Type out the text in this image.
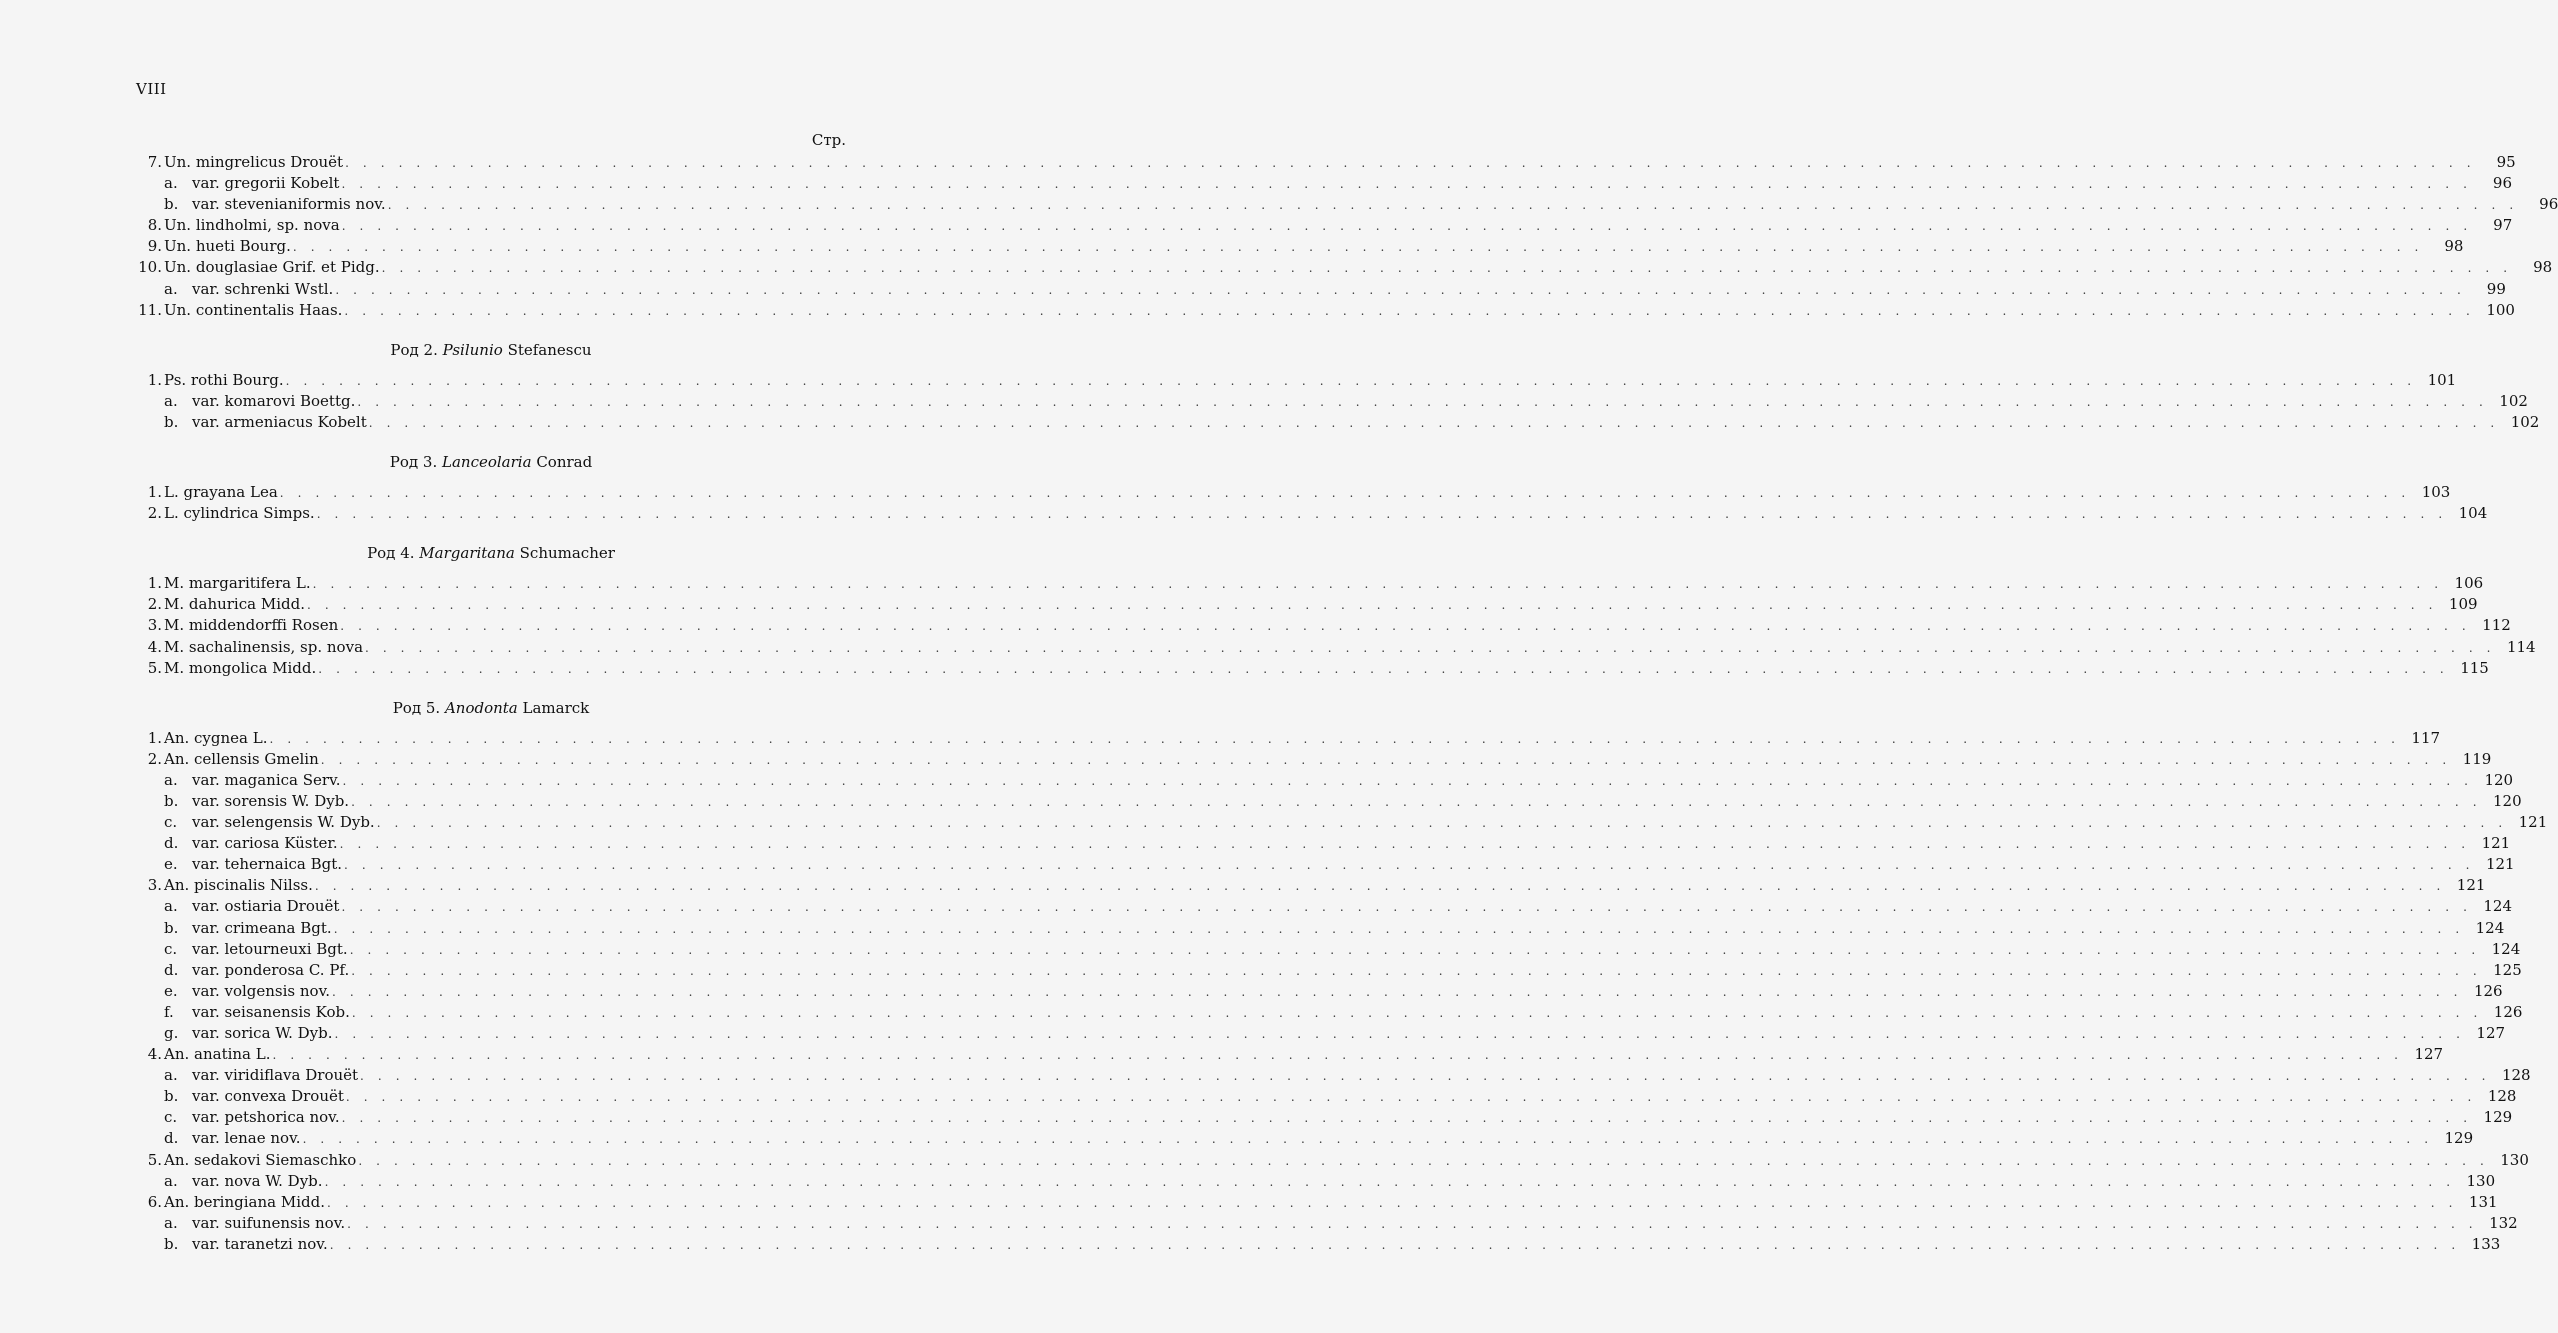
VIII
Стр.
7. Un. mingrelicus Drouët . . . . . . . . . . . . . . . . . . . . . . . . . . . . . . . . . . . . . . . . . . . . . . . . . . . . . . . . . . . . . . . . . . . . . . . . . . . . . . . . . . . . . . . . . . . . . . . . . . . . . . . . . . . . . . . . . . . . . . . .	95
a. var. gregorii Kobelt . . . . . . . . . . . . . . . . . . . . . . . . . . . . . . . . . . . . . . . . . . . . . . . . . . . . . . . . . . . . . . . . . . . . . . . . . . . . . . . . . . . . . . . . . . . . . . . . . . . . . . . . . . . . . . . . . . . . . . . .	96
b. var. stevenianiformis nov. . . . . . . . . . . . . . . . . . . . . . . . . . . . . . . . . . . . . . . . . . . . . . . . . . . . . . . . . . . . . . . . . . . . . . . . . . . . . . . . . . . . . . . . . . . . . . . . . . . . . . . . . . . . . . . . . . . . . . . . .	96
8. Un. lindholmi, sp. nova . . . . . . . . . . . . . . . . . . . . . . . . . . . . . . . . . . . . . . . . . . . . . . . . . . . . . . . . . . . . . . . . . . . . . . . . . . . . . . . . . . . . . . . . . . . . . . . . . . . . . . . . . . . . . . . . . . . . . . . .	97
9. Un. hueti Bourg. . . . . . . . . . . . . . . . . . . . . . . . . . . . . . . . . . . . . . . . . . . . . . . . . . . . . . . . . . . . . . . . . . . . . . . . . . . . . . . . . . . . . . . . . . . . . . . . . . . . . . . . . . . . . . . . . . . . . . . . .	98
10. Un. douglasiae Grif. et Pidg. . . . . . . . . . . . . . . . . . . . . . . . . . . . . . . . . . . . . . . . . . . . . . . . . . . . . . . . . . . . . . . . . . . . . . . . . . . . . . . . . . . . . . . . . . . . . . . . . . . . . . . . . . . . . . . . . . . . . . . . .	98
a. var. schrenki Wstl. . . . . . . . . . . . . . . . . . . . . . . . . . . . . . . . . . . . . . . . . . . . . . . . . . . . . . . . . . . . . . . . . . . . . . . . . . . . . . . . . . . . . . . . . . . . . . . . . . . . . . . . . . . . . . . . . . . . . . . . .	99
11. Un. continentalis Haas. . . . . . . . . . . . . . . . . . . . . . . . . . . . . . . . . . . . . . . . . . . . . . . . . . . . . . . . . . . . . . . . . . . . . . . . . . . . . . . . . . . . . . . . . . . . . . . . . . . . . . . . . . . . . . . . . . . . . . . . . 100
Род 2. Psilunio Stefanescu
1. Ps. rothi Bourg. . . . . . . . . . . . . . . . . . . . . . . . . . . . . . . . . . . . . . . . . . . . . . . . . . . . . . . . . . . . . . . . . . . . . . . . . . . . . . . . . . . . . . . . . . . . . . . . . . . . . . . . . . . . . . . . . . . . . . . . . 101
a. var. komarovi Boettg. . . . . . . . . . . . . . . . . . . . . . . . . . . . . . . . . . . . . . . . . . . . . . . . . . . . . . . . . . . . . . . . . . . . . . . . . . . . . . . . . . . . . . . . . . . . . . . . . . . . . . . . . . . . . . . . . . . . . . . . . 102
b. var. armeniacus Kobelt . . . . . . . . . . . . . . . . . . . . . . . . . . . . . . . . . . . . . . . . . . . . . . . . . . . . . . . . . . . . . . . . . . . . . . . . . . . . . . . . . . . . . . . . . . . . . . . . . . . . . . . . . . . . . . . . . . . . . . . . 102
Род 3. Lanceolaria Conrad
1. L. grayana Lea . . . . . . . . . . . . . . . . . . . . . . . . . . . . . . . . . . . . . . . . . . . . . . . . . . . . . . . . . . . . . . . . . . . . . . . . . . . . . . . . . . . . . . . . . . . . . . . . . . . . . . . . . . . . . . . . . . . . . . . . 103
2. L. cylindrica Simps. . . . . . . . . . . . . . . . . . . . . . . . . . . . . . . . . . . . . . . . . . . . . . . . . . . . . . . . . . . . . . . . . . . . . . . . . . . . . . . . . . . . . . . . . . . . . . . . . . . . . . . . . . . . . . . . . . . . . . . . . 104
Род 4. Margaritana Schumacher
1. M. margaritifera L. . . . . . . . . . . . . . . . . . . . . . . . . . . . . . . . . . . . . . . . . . . . . . . . . . . . . . . . . . . . . . . . . . . . . . . . . . . . . . . . . . . . . . . . . . . . . . . . . . . . . . . . . . . . . . . . . . . . . . . . . 106
2. M. dahurica Midd. . . . . . . . . . . . . . . . . . . . . . . . . . . . . . . . . . . . . . . . . . . . . . . . . . . . . . . . . . . . . . . . . . . . . . . . . . . . . . . . . . . . . . . . . . . . . . . . . . . . . . . . . . . . . . . . . . . . . . . . . 109
3. M. middendorffi Rosen . . . . . . . . . . . . . . . . . . . . . . . . . . . . . . . . . . . . . . . . . . . . . . . . . . . . . . . . . . . . . . . . . . . . . . . . . . . . . . . . . . . . . . . . . . . . . . . . . . . . . . . . . . . . . . . . . . . . . . . . 112
4. M. sachalinensis, sp. nova . . . . . . . . . . . . . . . . . . . . . . . . . . . . . . . . . . . . . . . . . . . . . . . . . . . . . . . . . . . . . . . . . . . . . . . . . . . . . . . . . . . . . . . . . . . . . . . . . . . . . . . . . . . . . . . . . . . . . . . . 114
5. M. mongolica Midd. . . . . . . . . . . . . . . . . . . . . . . . . . . . . . . . . . . . . . . . . . . . . . . . . . . . . . . . . . . . . . . . . . . . . . . . . . . . . . . . . . . . . . . . . . . . . . . . . . . . . . . . . . . . . . . . . . . . . . . . . 115
Род 5. Anodonta Lamarck
1. An. cygnea L. . . . . . . . . . . . . . . . . . . . . . . . . . . . . . . . . . . . . . . . . . . . . . . . . . . . . . . . . . . . . . . . . . . . . . . . . . . . . . . . . . . . . . . . . . . . . . . . . . . . . . . . . . . . . . . . . . . . . . . . . 117
2. An. cellensis Gmelin . . . . . . . . . . . . . . . . . . . . . . . . . . . . . . . . . . . . . . . . . . . . . . . . . . . . . . . . . . . . . . . . . . . . . . . . . . . . . . . . . . . . . . . . . . . . . . . . . . . . . . . . . . . . . . . . . . . . . . . . 119
a. var. maganica Serv. . . . . . . . . . . . . . . . . . . . . . . . . . . . . . . . . . . . . . . . . . . . . . . . . . . . . . . . . . . . . . . . . . . . . . . . . . . . . . . . . . . . . . . . . . . . . . . . . . . . . . . . . . . . . . . . . . . . . . . . . 120
b. var. sorensis W. Dyb. . . . . . . . . . . . . . . . . . . . . . . . . . . . . . . . . . . . . . . . . . . . . . . . . . . . . . . . . . . . . . . . . . . . . . . . . . . . . . . . . . . . . . . . . . . . . . . . . . . . . . . . . . . . . . . . . . . . . . . . . 120
c. var. selengensis W. Dyb. . . . . . . . . . . . . . . . . . . . . . . . . . . . . . . . . . . . . . . . . . . . . . . . . . . . . . . . . . . . . . . . . . . . . . . . . . . . . . . . . . . . . . . . . . . . . . . . . . . . . . . . . . . . . . . . . . . . . . . . . 121
d. var. cariosa Küster. . . . . . . . . . . . . . . . . . . . . . . . . . . . . . . . . . . . . . . . . . . . . . . . . . . . . . . . . . . . . . . . . . . . . . . . . . . . . . . . . . . . . . . . . . . . . . . . . . . . . . . . . . . . . . . . . . . . . . . . . 121
e. var. tehernaica Bgt. . . . . . . . . . . . . . . . . . . . . . . . . . . . . . . . . . . . . . . . . . . . . . . . . . . . . . . . . . . . . . . . . . . . . . . . . . . . . . . . . . . . . . . . . . . . . . . . . . . . . . . . . . . . . . . . . . . . . . . . . 121
3. An. piscinalis Nilss. . . . . . . . . . . . . . . . . . . . . . . . . . . . . . . . . . . . . . . . . . . . . . . . . . . . . . . . . . . . . . . . . . . . . . . . . . . . . . . . . . . . . . . . . . . . . . . . . . . . . . . . . . . . . . . . . . . . . . . . . 121
a. var. ostiaria Drouët . . . . . . . . . . . . . . . . . . . . . . . . . . . . . . . . . . . . . . . . . . . . . . . . . . . . . . . . . . . . . . . . . . . . . . . . . . . . . . . . . . . . . . . . . . . . . . . . . . . . . . . . . . . . . . . . . . . . . . . . 124
b. var. crimeana Bgt. . . . . . . . . . . . . . . . . . . . . . . . . . . . . . . . . . . . . . . . . . . . . . . . . . . . . . . . . . . . . . . . . . . . . . . . . . . . . . . . . . . . . . . . . . . . . . . . . . . . . . . . . . . . . . . . . . . . . . . . . 124
c. var. letourneuxi Bgt. . . . . . . . . . . . . . . . . . . . . . . . . . . . . . . . . . . . . . . . . . . . . . . . . . . . . . . . . . . . . . . . . . . . . . . . . . . . . . . . . . . . . . . . . . . . . . . . . . . . . . . . . . . . . . . . . . . . . . . . . 124
d. var. ponderosa C. Pf. . . . . . . . . . . . . . . . . . . . . . . . . . . . . . . . . . . . . . . . . . . . . . . . . . . . . . . . . . . . . . . . . . . . . . . . . . . . . . . . . . . . . . . . . . . . . . . . . . . . . . . . . . . . . . . . . . . . . . . . . 125
e. var. volgensis nov. . . . . . . . . . . . . . . . . . . . . . . . . . . . . . . . . . . . . . . . . . . . . . . . . . . . . . . . . . . . . . . . . . . . . . . . . . . . . . . . . . . . . . . . . . . . . . . . . . . . . . . . . . . . . . . . . . . . . . . . . 126
f.	var. seisanensis Kob. . . . . . . . . . . . . . . . . . . . . . . . . . . . . . . . . . . . . . . . . . . . . . . . . . . . . . . . . . . . . . . . . . . . . . . . . . . . . . . . . . . . . . . . . . . . . . . . . . . . . . . . . . . . . . . . . . . . . . . . . 126
g. var. sorica W. Dyb. . . . . . . . . . . . . . . . . . . . . . . . . . . . . . . . . . . . . . . . . . . . . . . . . . . . . . . . . . . . . . . . . . . . . . . . . . . . . . . . . . . . . . . . . . . . . . . . . . . . . . . . . . . . . . . . . . . . . . . . . 127
4. An. anatina L. . . . . . . . . . . . . . . . . . . . . . . . . . . . . . . . . . . . . . . . . . . . . . . . . . . . . . . . . . . . . . . . . . . . . . . . . . . . . . . . . . . . . . . . . . . . . . . . . . . . . . . . . . . . . . . . . . . . . . . . . 127
a. var. viridiflava Drouët . . . . . . . . . . . . . . . . . . . . . . . . . . . . . . . . . . . . . . . . . . . . . . . . . . . . . . . . . . . . . . . . . . . . . . . . . . . . . . . . . . . . . . . . . . . . . . . . . . . . . . . . . . . . . . . . . . . . . . . . 128
b. var. convexa Drouët . . . . . . . . . . . . . . . . . . . . . . . . . . . . . . . . . . . . . . . . . . . . . . . . . . . . . . . . . . . . . . . . . . . . . . . . . . . . . . . . . . . . . . . . . . . . . . . . . . . . . . . . . . . . . . . . . . . . . . . . 128
c. var. petshorica nov. . . . . . . . . . . . . . . . . . . . . . . . . . . . . . . . . . . . . . . . . . . . . . . . . . . . . . . . . . . . . . . . . . . . . . . . . . . . . . . . . . . . . . . . . . . . . . . . . . . . . . . . . . . . . . . . . . . . . . . . . 129
d. var. lenae nov. . . . . . . . . . . . . . . . . . . . . . . . . . . . . . . . . . . . . . . . . . . . . . . . . . . . . . . . . . . . . . . . . . . . . . . . . . . . . . . . . . . . . . . . . . . . . . . . . . . . . . . . . . . . . . . . . . . . . . . . . 129
5. An. sedakovi Siemaschko . . . . . . . . . . . . . . . . . . . . . . . . . . . . . . . . . . . . . . . . . . . . . . . . . . . . . . . . . . . . . . . . . . . . . . . . . . . . . . . . . . . . . . . . . . . . . . . . . . . . . . . . . . . . . . . . . . . . . . . . 130
a. var. nova W. Dyb. . . . . . . . . . . . . . . . . . . . . . . . . . . . . . . . . . . . . . . . . . . . . . . . . . . . . . . . . . . . . . . . . . . . . . . . . . . . . . . . . . . . . . . . . . . . . . . . . . . . . . . . . . . . . . . . . . . . . . . . . 130
6. An. beringiana Midd. . . . . . . . . . . . . . . . . . . . . . . . . . . . . . . . . . . . . . . . . . . . . . . . . . . . . . . . . . . . . . . . . . . . . . . . . . . . . . . . . . . . . . . . . . . . . . . . . . . . . . . . . . . . . . . . . . . . . . . . . 131
a. var. suifunensis nov. . . . . . . . . . . . . . . . . . . . . . . . . . . . . . . . . . . . . . . . . . . . . . . . . . . . . . . . . . . . . . . . . . . . . . . . . . . . . . . . . . . . . . . . . . . . . . . . . . . . . . . . . . . . . . . . . . . . . . . . . 132
b. var. taranetzi nov. . . . . . . . . . . . . . . . . . . . . . . . . . . . . . . . . . . . . . . . . . . . . . . . . . . . . . . . . . . . . . . . . . . . . . . . . . . . . . . . . . . . . . . . . . . . . . . . . . . . . . . . . . . . . . . . . . . . . . . . . 133
